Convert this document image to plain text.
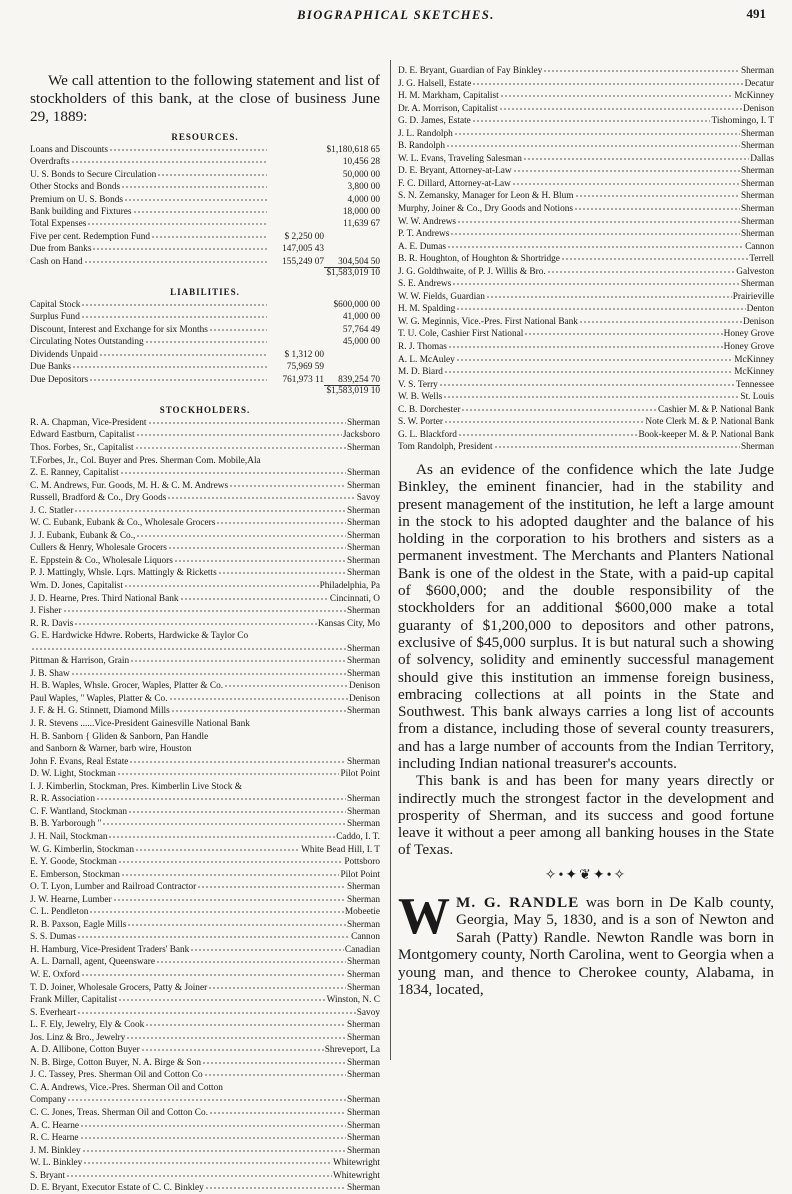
BIOGRAPHICAL SKETCHES.	491

We call attention to the following statement and list of stockholders of this bank, at the close of business June 29, 1889:

RESOURCES.
Loans and Discounts	$1,180,618 65
Overdrafts	10,456 28
U. S. Bonds to Secure Circulation	50,000 00
Other Stocks and Bonds	3,800 00
Premium on U. S. Bonds	4,000 00
Bank building and Fixtures	18,000 00
Total Expenses	11,639 67
Five per cent. Redemption Fund	$ 2,250 00
Due from Banks	147,005 43
Cash on Hand	155,249 07	304,504 50
$1,583,019 10
LIABILITIES.
Capital Stock	$600,000 00
Surplus Fund	41,000 00
Discount, Interest and Exchange for six Months	57,764 49
Circulating Notes Outstanding	45,000 00
Dividends Unpaid	$ 1,312 00
Due Banks	75,969 59
Due Depositors	761,973 11	839,254 70
$1,583,019 10
STOCKHOLDERS.
R. A. Chapman, Vice-President	Sherman
Edward Eastburn, Capitalist	Jacksboro
Thos. Forbes, Sr., Capitalist	Sherman
T.Forbes, Jr., Col. Buyer and Pres. Sherman Com. Mobile,Ala
Z. E. Ranney, Capitalist	Sherman
C. M. Andrews, Fur. Goods, M. H. & C. M. Andrews	Sherman
Russell, Bradford & Co., Dry Goods	Savoy
J. C. Statler	Sherman
W. C. Eubank, Eubank & Co., Wholesale Grocers	Sherman
J. J. Eubank, Eubank & Co.,	Sherman
Cullers & Henry, Wholesale Grocers	Sherman
E. Eppstein & Co., Wholesale Liquors	Sherman
P. J. Mattingly, Whsle. Lqrs. Mattingly & Ricketts	Sherman
Wm. D. Jones, Capitalist	Philadelphia, Pa
J. D. Hearne, Pres. Third National Bank	Cincinnati, O
J. Fisher	Sherman
R. R. Davis	Kansas City, Mo
G. E. Hardwicke Hdwre. Roberts, Hardwicke & Taylor Co
Sherman
Pittman & Harrison, Grain	Sherman
J. B. Shaw	Sherman
H. B. Waples, Whsle. Grocer, Waples, Platter & Co.	Denison
Paul Waples, " Waples, Platter & Co.	Denison
J. F. & H. G. Stinnett, Diamond Mills	Sherman
J. R. Stevens ......Vice-President Gainesville National Bank
H. B. Sanborn { Gliden & Sanborn, Pan Handle
and Sanborn & Warner, barb wire, Houston
John F. Evans, Real Estate	Sherman
D. W. Light, Stockman	Pilot Point
I. J. Kimberlin, Stockman, Pres. Kimberlin Live Stock &
R. R. Association	Sherman
C. F. Wantland, Stockman	Sherman
B. B. Yarborough "	Sherman
J. H. Nail, Stockman	Caddo, I. T.
W. G. Kimberlin, Stockman	White Bead Hill, I. T
E. Y. Goode, Stockman	Pottsboro
E. Emberson, Stockman	Pilot Point
O. T. Lyon, Lumber and Railroad Contractor	Sherman
J. W. Hearne, Lumber	Sherman
C. L. Pendleton	Mobeetie
R. B. Paxson, Eagle Mills	Sherman
S. S. Dumas	Cannon
H. Hamburg, Vice-President Traders' Bank	Canadian
A. L. Darnall, agent, Queensware	Sherman
W. E. Oxford	Sherman
T. D. Joiner, Wholesale Grocers, Patty & Joiner	Sherman
Frank Miller, Capitalist	Winston, N. C
S. Everheart	Savoy
L. F. Ely, Jewelry, Ely & Cook	Sherman
Jos. Linz & Bro., Jewelry	Sherman
A. D. Allibone, Cotton Buyer	Shreveport, La
N. B. Birge, Cotton Buyer, N. A. Birge & Son	Sherman
J. C. Tassey, Pres. Sherman Oil and Cotton Co	Sherman
C. A. Andrews, Vice.-Pres. Sherman Oil and Cotton
Company	Sherman
C. C. Jones, Treas. Sherman Oil and Cotton Co.	Sherman
A. C. Hearne	Sherman
R. C. Hearne	Sherman
J. M. Binkley	Sherman
W. L. Binkley	Whitewright
S. Bryant	Whitewright
D. E. Bryant, Executor Estate of C. C. Binkley	Sherman
D. E. Bryant, Guardian of Fay Binkley	Sherman
J. G. Halsell, Estate	Decatur
H. M. Markham, Capitalist	McKinney
Dr. A. Morrison, Capitalist	Denison
G. D. James, Estate	Tishomingo, I. T
J. L. Randolph	Sherman
B. Randolph	Sherman
W. L. Evans, Traveling Salesman	Dallas
D. E. Bryant, Attorney-at-Law	Sherman
F. C. Dillard, Attorney-at-Law	Sherman
S. N. Zemansky, Manager for Leon & H. Blum	Sherman
Murphy, Joiner & Co., Dry Goods and Notions	Sherman
W. W. Andrews	Sherman
P. T. Andrews	Sherman
A. E. Dumas	Cannon
B. R. Houghton, of Houghton & Shortridge	Terrell
J. G. Goldthwaite, of P. J. Willis & Bro.	Galveston
S. E. Andrews	Sherman
W. W. Fields, Guardian	Prairieville
H. M. Spalding	Denton
W. G. Meginnis, Vice.-Pres. First National Bank	Denison
T. U. Cole, Cashier First National	Honey Grove
R. J. Thomas	Honey Grove
A. L. McAuley	McKinney
M. D. Biard	McKinney
V. S. Terry	Tennessee
W. B. Wells	St. Louis
C. B. Dorchester	Cashier M. & P. National Bank
S. W. Porter	Note Clerk M. & P. National Bank
G. L. Blackford	Book-keeper M. & P. National Bank
Tom Randolph, President	Sherman

As an evidence of the confidence which the late Judge Binkley, the eminent financier, had in the stability and present management of the institution, he left a large amount in the stock to his adopted daughter and the balance of his holding in the corporation to his brothers and sisters as a permanent investment. The Merchants and Planters National Bank is one of the oldest in the State, with a paid-up capital of $600,000; and the double responsibility of the stockholders for an additional $600,000 make a total guaranty of $1,200,000 to depositors and other patrons, exclusive of $45,000 surplus. It is but natural such a showing of solvency, solidity and eminently successful management should give this institution an immense foreign business, embracing collections at all points in the State and Southwest. This bank always carries a long list of accounts from a distance, including those of several county treasurers, and has a large number of accounts from the Indian Territory, including Indian national treasurer's accounts.

This bank is and has been for many years directly or indirectly much the strongest factor in the development and prosperity of Sherman, and its success and good fortune leave it without a peer among all banking houses in the State of Texas.

✧•✦❦✦•✧
W M. G. RANDLE was born in De Kalb county, Georgia, May 5, 1830, and is a son of Newton and Sarah (Patty) Randle. Newton Randle was born in Montgomery county, North Carolina, went to Georgia when a young man, and thence to Cherokee county, Alabama, in 1834, located,
